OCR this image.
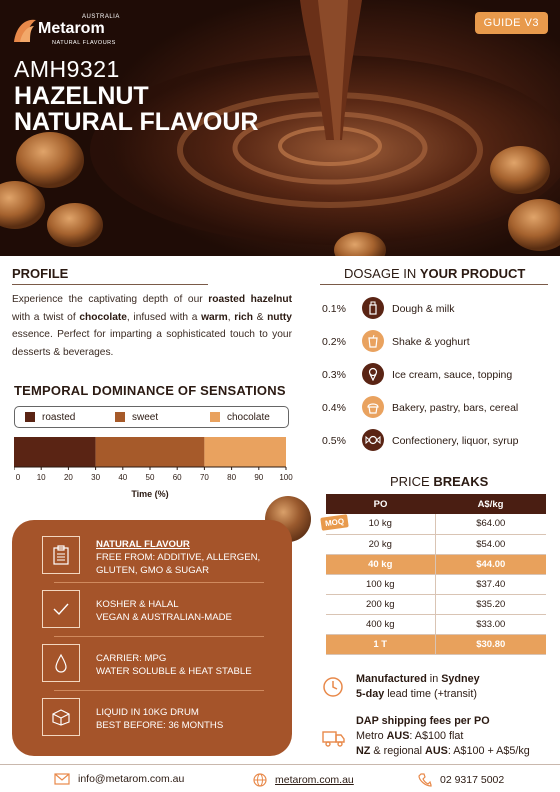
AUSTRALIA
Metarom
NATURAL FLAVOURS
GUIDE V3
AMH9321
HAZELNUT
NATURAL FLAVOUR
PROFILE
Experience the captivating depth of our roasted hazelnut with a twist of chocolate, infused with a warm, rich & nutty essence. Perfect for imparting a sophisticated touch to your desserts & beverages.
TEMPORAL DOMINANCE OF SENSATIONS
roasted	sweet	chocolate
0 10 20 30 40 50 60 70 80 90 100
Time (%)
NATURAL FLAVOUR
FREE FROM: ADDITIVE, ALLERGEN, GLUTEN, GMO & SUGAR
KOSHER & HALAL
VEGAN & AUSTRALIAN-MADE
CARRIER: MPG
WATER SOLUBLE & HEAT STABLE
LIQUID IN 10KG DRUM
BEST BEFORE: 36 MONTHS
DOSAGE IN YOUR PRODUCT
0.1%	Dough & milk
0.2%	Shake & yoghurt
0.3%	Ice cream, sauce, topping
0.4%	Bakery, pastry, bars, cereal
0.5%	Confectionery, liquor, syrup
PRICE BREAKS
PO	A$/kg
10 kg	$64.00
20 kg	$54.00
40 kg	$44.00
100 kg	$37.40
200 kg	$35.20
400 kg	$33.00
1 T	$30.80
MOQ
Manufactured in Sydney
5-day lead time (+transit)
DAP shipping fees per PO
Metro AUS: A$100 flat
NZ & regional AUS: A$100 + A$5/kg
info@metarom.com.au	metarom.com.au	02 9317 5002
